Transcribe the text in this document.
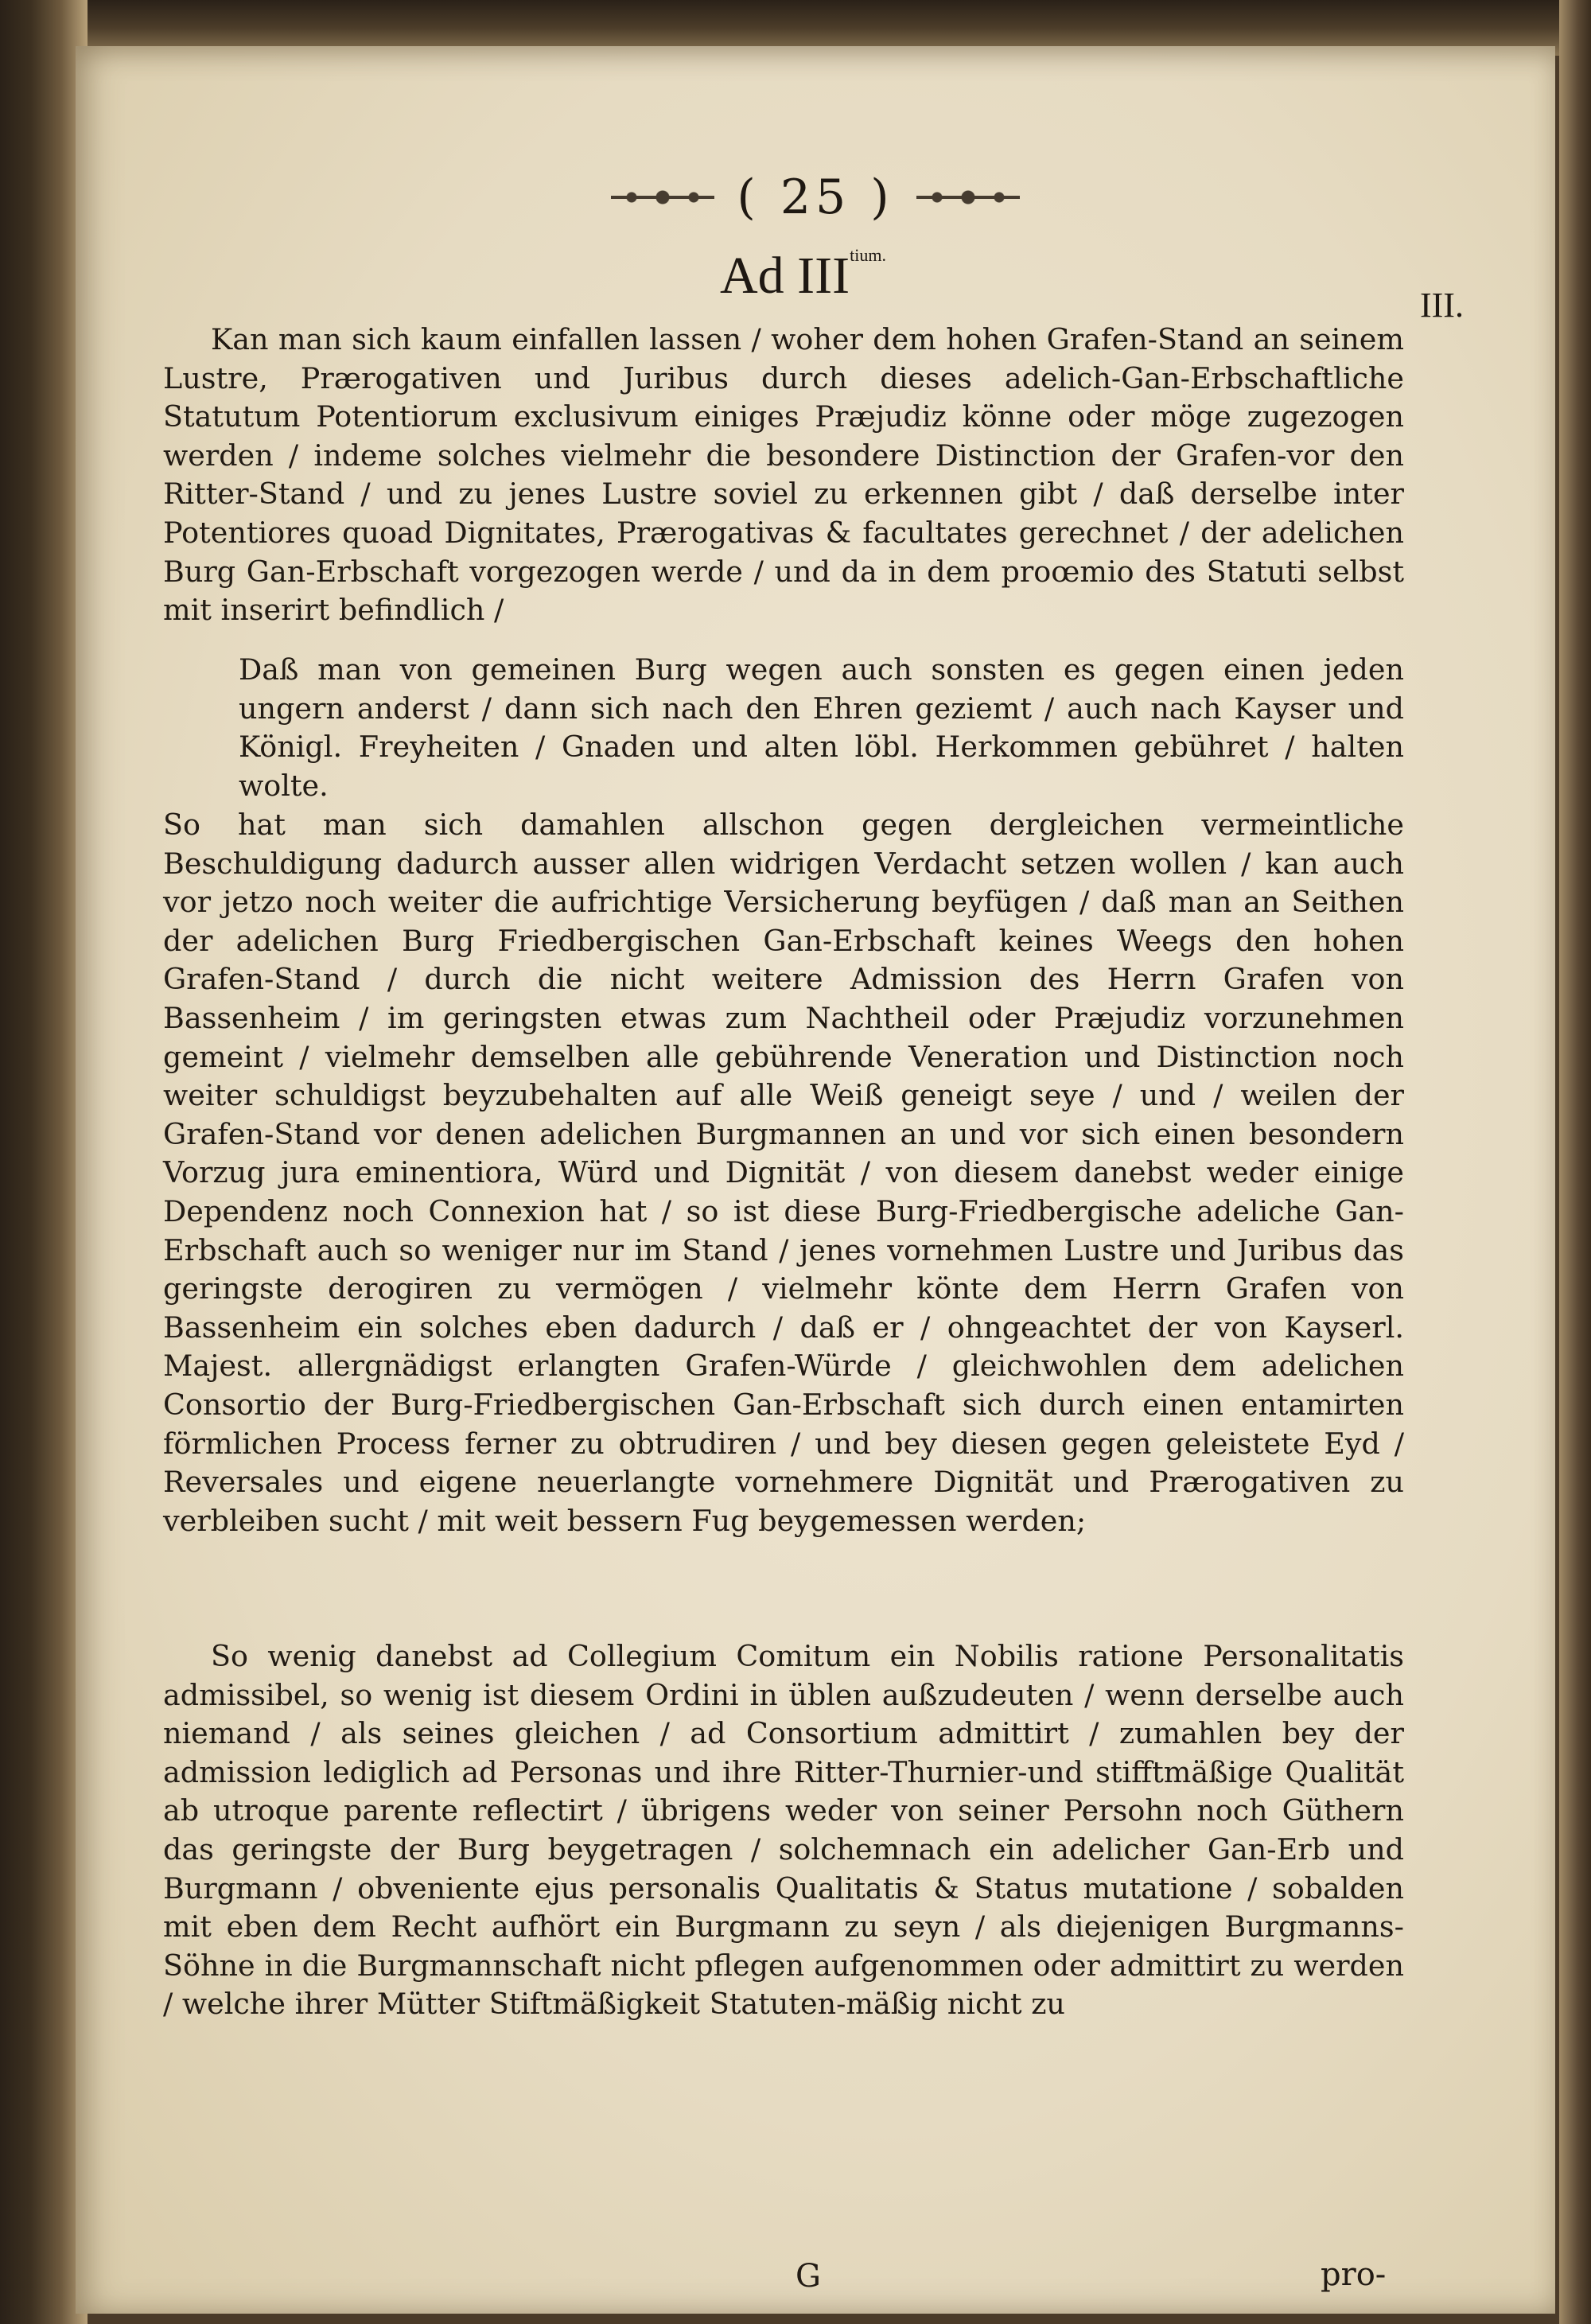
( 25 )
Ad $III^{tium.}$
III.

Kan man sich kaum einfallen lassen / woher dem hohen Grafen-Stand an seinem Lustre, Prærogativen und Juribus durch dieses adelich-Gan-Erbschaftliche Statutum Potentiorum exclusivum einiges Præjudiz könne oder möge zugezogen werden / indeme solches vielmehr die besondere Distinction der Grafen-vor den Ritter-Stand / und zu jenes Lustre soviel zu erkennen gibt / daß derselbe inter Potentiores quoad Dignitates, Prærogativas & facultates gerechnet / der adelichen Burg Gan-Erbschaft vorgezogen werde / und da in dem proœmio des Statuti selbst mit inserirt befindlich /

Daß man von gemeinen Burg wegen auch sonsten es gegen einen jeden ungern anderst / dann sich nach den Ehren geziemt / auch nach Kayser und Königl. Freyheiten / Gnaden und alten löbl. Herkommen gebühret / halten wolte.

So hat man sich damahlen allschon gegen dergleichen vermeintliche Beschuldigung dadurch ausser allen widrigen Verdacht setzen wollen / kan auch vor jetzo noch weiter die aufrichtige Versicherung beyfügen / daß man an Seithen der adelichen Burg Friedbergischen Gan-Erbschaft keines Weegs den hohen Grafen-Stand / durch die nicht weitere Admission des Herrn Grafen von Bassenheim / im geringsten etwas zum Nachtheil oder Præjudiz vorzunehmen gemeint / vielmehr demselben alle gebührende Veneration und Distinction noch weiter schuldigst beyzubehalten auf alle Weiß geneigt seye / und / weilen der Grafen-Stand vor denen adelichen Burgmannen an und vor sich einen besondern Vorzug jura eminentiora, Würd und Dignität / von diesem danebst weder einige Dependenz noch Connexion hat / so ist diese Burg-Friedbergische adeliche Gan-Erbschaft auch so weniger nur im Stand / jenes vornehmen Lustre und Juribus das geringste derogiren zu vermögen / vielmehr könte dem Herrn Grafen von Bassenheim ein solches eben dadurch / daß er / ohngeachtet der von Kayserl. Majest. allergnädigst erlangten Grafen-Würde / gleichwohlen dem adelichen Consortio der Burg-Friedbergischen Gan-Erbschaft sich durch einen entamirten förmlichen Process ferner zu obtrudiren / und bey diesen gegen geleistete Eyd / Reversales und eigene neuerlangte vornehmere Dignität und Prærogativen zu verbleiben sucht / mit weit bessern Fug beygemessen werden;

So wenig danebst ad Collegium Comitum ein Nobilis ratione Personalitatis admissibel, so wenig ist diesem Ordini in üblen außzudeuten / wenn derselbe auch niemand / als seines gleichen / ad Consortium admittirt / zumahlen bey der admission lediglich ad Personas und ihre Ritter-Thurnier-und stifftmäßige Qualität ab utroque parente reflectirt / übrigens weder von seiner Persohn noch Güthern das geringste der Burg beygetragen / solchemnach ein adelicher Gan-Erb und Burgmann / obveniente ejus personalis Qualitatis & Status mutatione / sobalden mit eben dem Recht aufhört ein Burgmann zu seyn / als diejenigen Burgmanns-Söhne in die Burgmannschaft nicht pflegen aufgenommen oder admittirt zu werden / welche ihrer Mütter Stiftmäßigkeit Statuten-mäßig nicht zu

G	pro-
